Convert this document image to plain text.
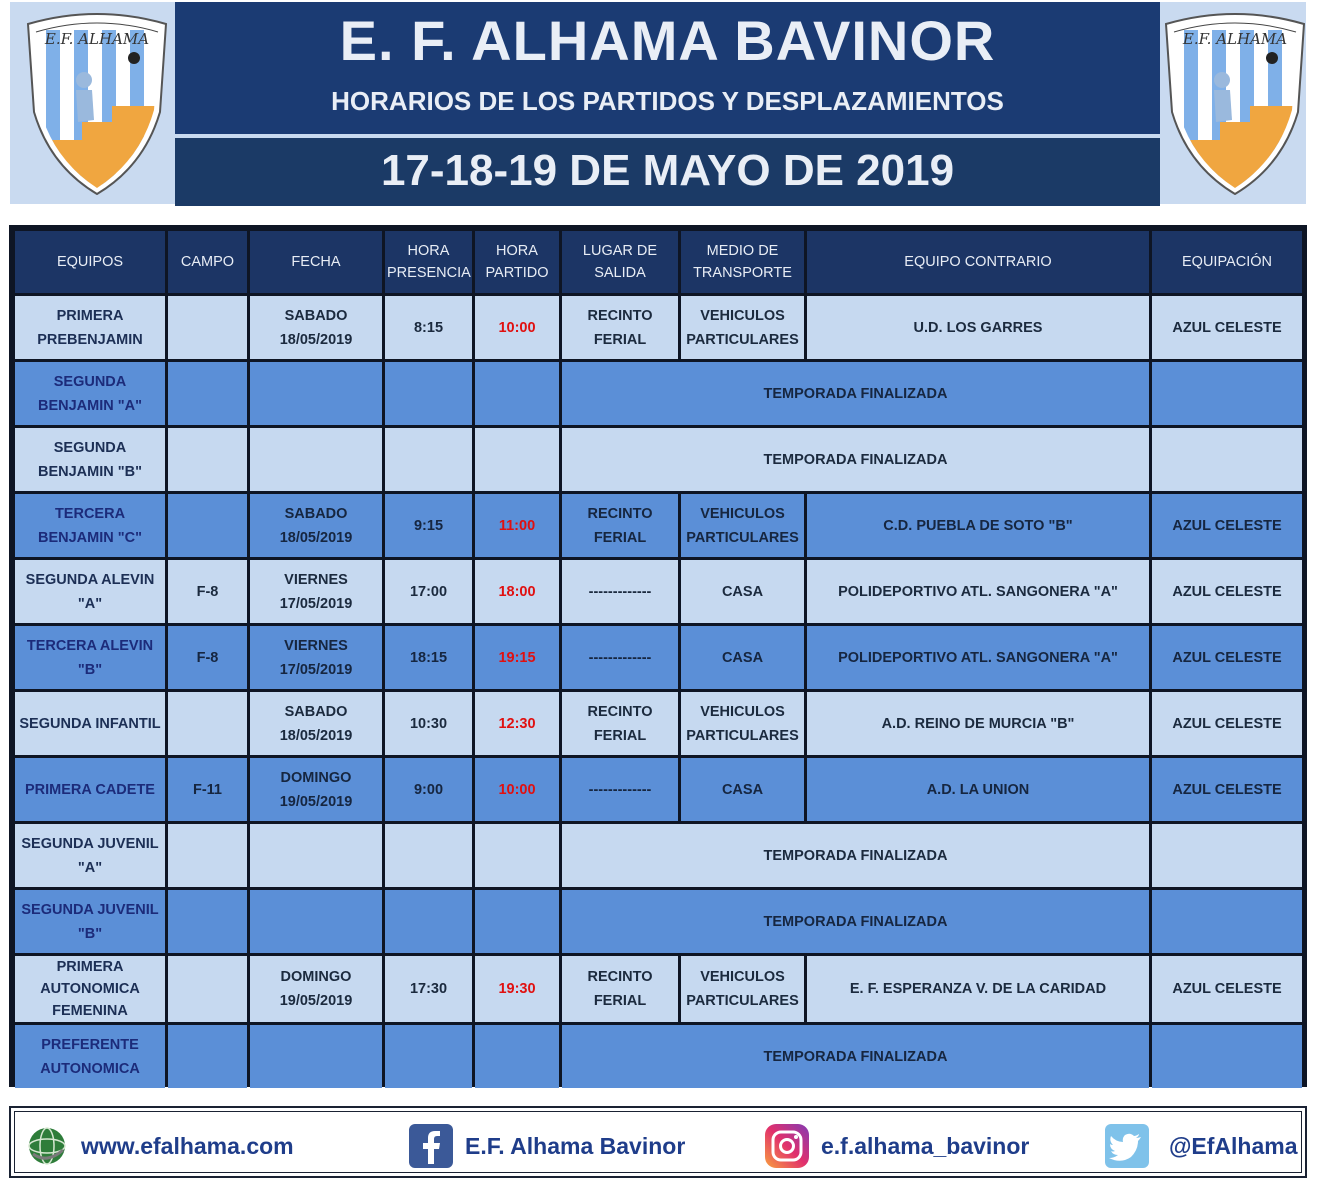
E.F. ALHAMA	E. F. ALHAMA BAVINOR
HORARIOS DE LOS PARTIDOS Y DESPLAZAMIENTOS
17-18-19 DE MAYO DE 2019
E.F. ALHAMA
EQUIPOS	CAMPO	FECHA	HORA PRESENCIA	HORA PARTIDO	LUGAR DE SALIDA	MEDIO DE TRANSPORTE	EQUIPO CONTRARIO	EQUIPACIÓN
PRIMERA PREBENJAMIN		SABADO 18/05/2019	8:15	10:00	RECINTO FERIAL	VEHICULOS PARTICULARES	U.D. LOS GARRES	AZUL CELESTE
SEGUNDA BENJAMIN "A"					TEMPORADA FINALIZADA			
SEGUNDA BENJAMIN "B"					TEMPORADA FINALIZADA			
TERCERA BENJAMIN "C"		SABADO 18/05/2019	9:15	11:00	RECINTO FERIAL	VEHICULOS PARTICULARES	C.D. PUEBLA DE SOTO "B"	AZUL CELESTE
SEGUNDA ALEVIN "A"	F-8	VIERNES 17/05/2019	17:00	18:00	-------------	CASA	POLIDEPORTIVO ATL. SANGONERA "A"	AZUL CELESTE
TERCERA ALEVIN "B"	F-8	VIERNES 17/05/2019	18:15	19:15	-------------	CASA	POLIDEPORTIVO ATL. SANGONERA "A"	AZUL CELESTE
SEGUNDA INFANTIL		SABADO 18/05/2019	10:30	12:30	RECINTO FERIAL	VEHICULOS PARTICULARES	A.D. REINO DE MURCIA "B"	AZUL CELESTE
PRIMERA CADETE	F-11	DOMINGO 19/05/2019	9:00	10:00	-------------	CASA	A.D. LA UNION	AZUL CELESTE
SEGUNDA JUVENIL "A"					TEMPORADA FINALIZADA			
SEGUNDA JUVENIL "B"					TEMPORADA FINALIZADA			
PRIMERA AUTONOMICA FEMENINA		DOMINGO 19/05/2019	17:30	19:30	RECINTO FERIAL	VEHICULOS PARTICULARES	E. F. ESPERANZA V. DE LA CARIDAD	AZUL CELESTE
PREFERENTE AUTONOMICA					TEMPORADA FINALIZADA			
www.efalhama.com	E.F. Alhama Bavinor	e.f.alhama_bavinor	@EfAlhama
